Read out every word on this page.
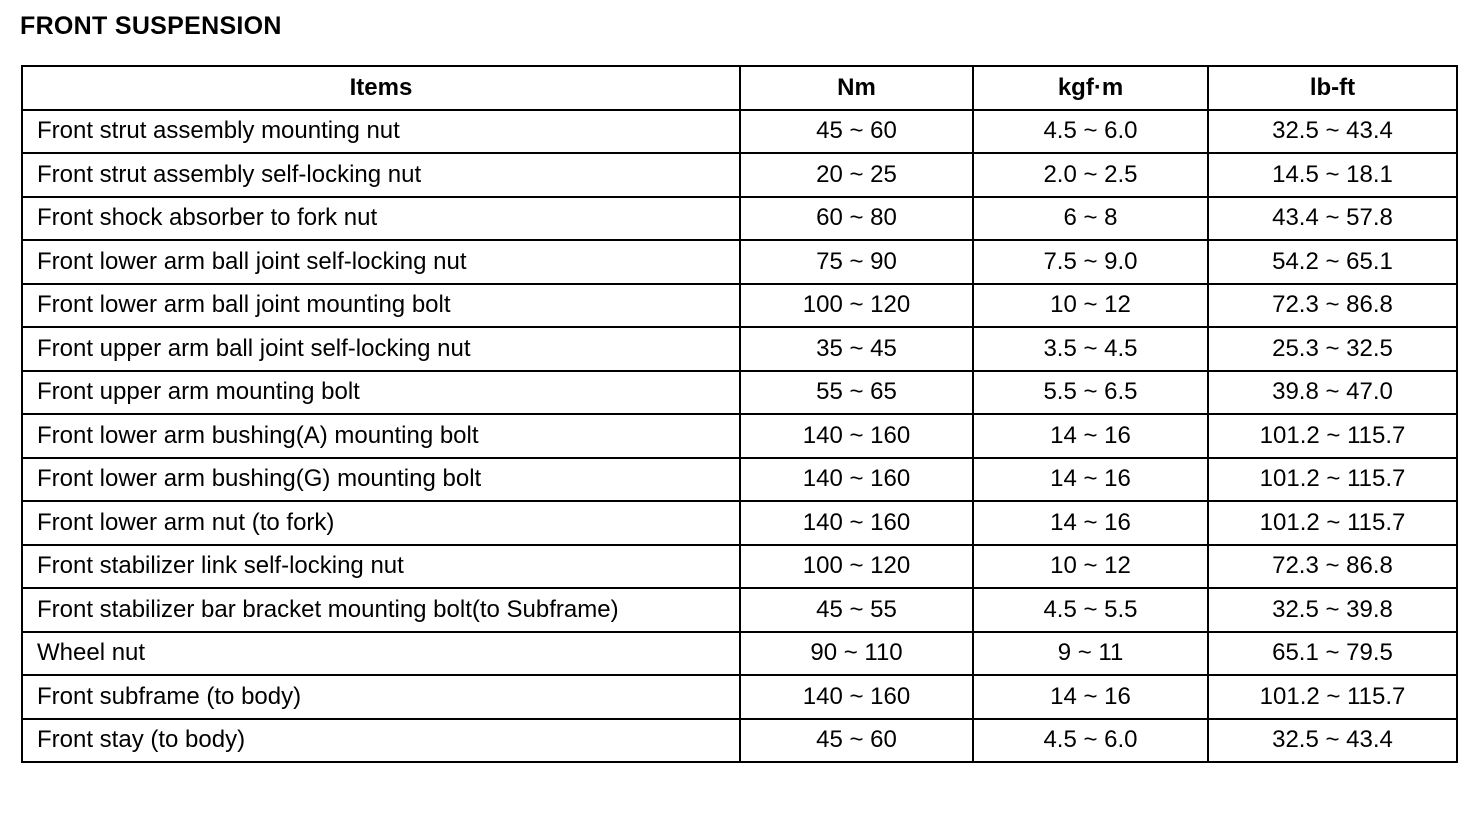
FRONT SUSPENSION
Items	Nm	kgf·m	lb-ft
Front strut assembly mounting nut	45 ~ 60	4.5 ~ 6.0	32.5 ~ 43.4
Front strut assembly self-locking nut	20 ~ 25	2.0 ~ 2.5	14.5 ~ 18.1
Front shock absorber to fork nut	60 ~ 80	6 ~ 8	43.4 ~ 57.8
Front lower arm ball joint self-locking nut	75 ~ 90	7.5 ~ 9.0	54.2 ~ 65.1
Front lower arm ball joint mounting bolt	100 ~ 120	10 ~ 12	72.3 ~ 86.8
Front upper arm ball joint self-locking nut	35 ~ 45	3.5 ~ 4.5	25.3 ~ 32.5
Front upper arm mounting bolt	55 ~ 65	5.5 ~ 6.5	39.8 ~ 47.0
Front lower arm bushing(A) mounting bolt	140 ~ 160	14 ~ 16	101.2 ~ 115.7
Front lower arm bushing(G) mounting bolt	140 ~ 160	14 ~ 16	101.2 ~ 115.7
Front lower arm nut (to fork)	140 ~ 160	14 ~ 16	101.2 ~ 115.7
Front stabilizer link self-locking nut	100 ~ 120	10 ~ 12	72.3 ~ 86.8
Front stabilizer bar bracket mounting bolt(to Subframe)	45 ~ 55	4.5 ~ 5.5	32.5 ~ 39.8
Wheel nut	90 ~ 110	9 ~ 11	65.1 ~ 79.5
Front subframe (to body)	140 ~ 160	14 ~ 16	101.2 ~ 115.7
Front stay (to body)	45 ~ 60	4.5 ~ 6.0	32.5 ~ 43.4
